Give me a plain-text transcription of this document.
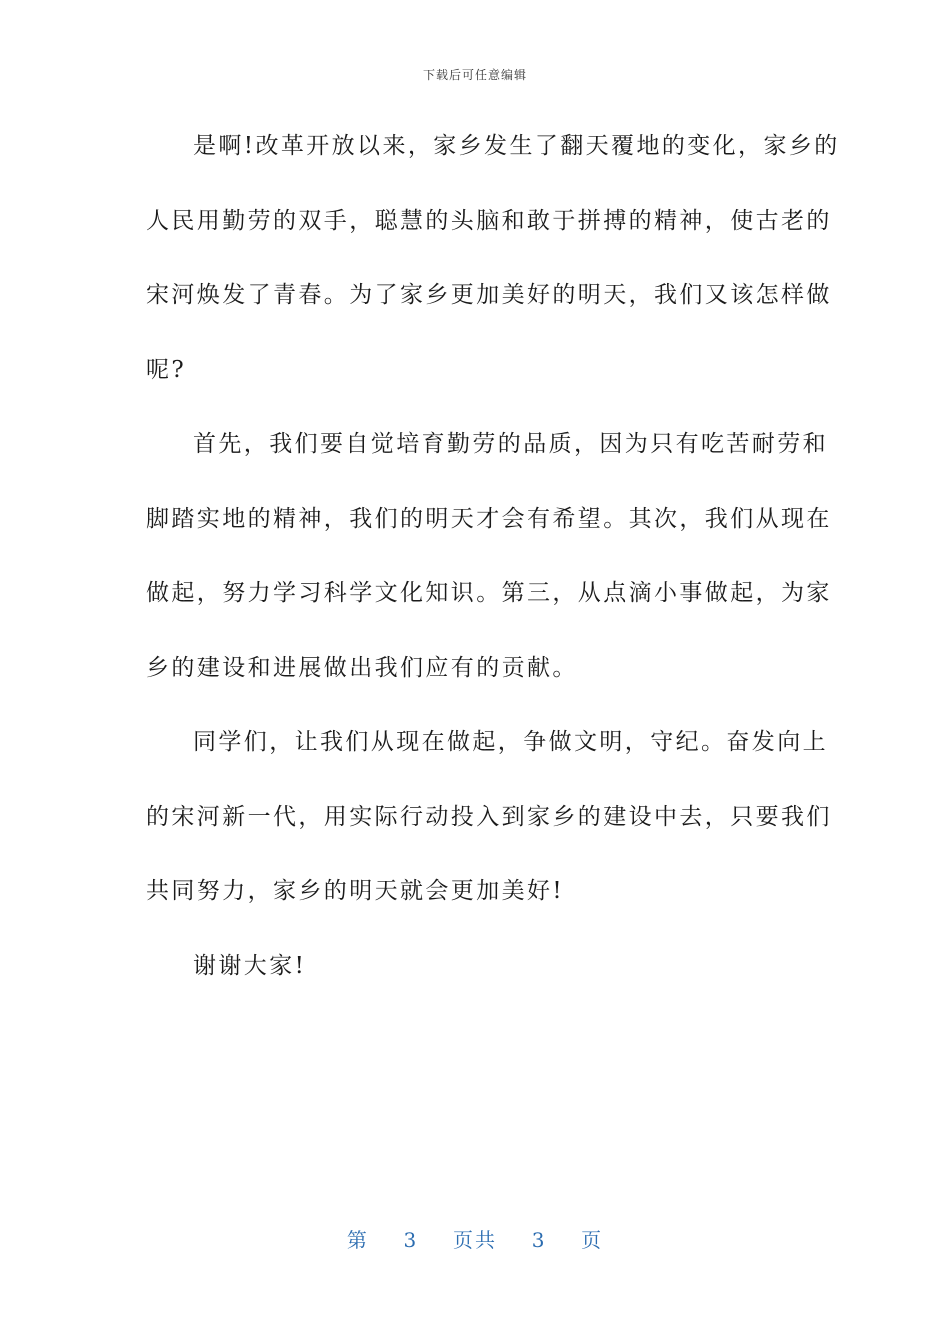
下载后可任意编辑
是啊!改革开放以来，家乡发生了翻天覆地的变化，家乡的
人民用勤劳的双手，聪慧的头脑和敢于拼搏的精神，使古老的
宋河焕发了青春。为了家乡更加美好的明天，我们又该怎样做
呢?
首先，我们要自觉培育勤劳的品质，因为只有吃苦耐劳和
脚踏实地的精神，我们的明天才会有希望。其次，我们从现在
做起，努力学习科学文化知识。第三，从点滴小事做起，为家
乡的建设和进展做出我们应有的贡献。
同学们，让我们从现在做起，争做文明，守纪。奋发向上
的宋河新一代，用实际行动投入到家乡的建设中去，只要我们
共同努力，家乡的明天就会更加美好!
谢谢大家!
第 3 页共 3 页
